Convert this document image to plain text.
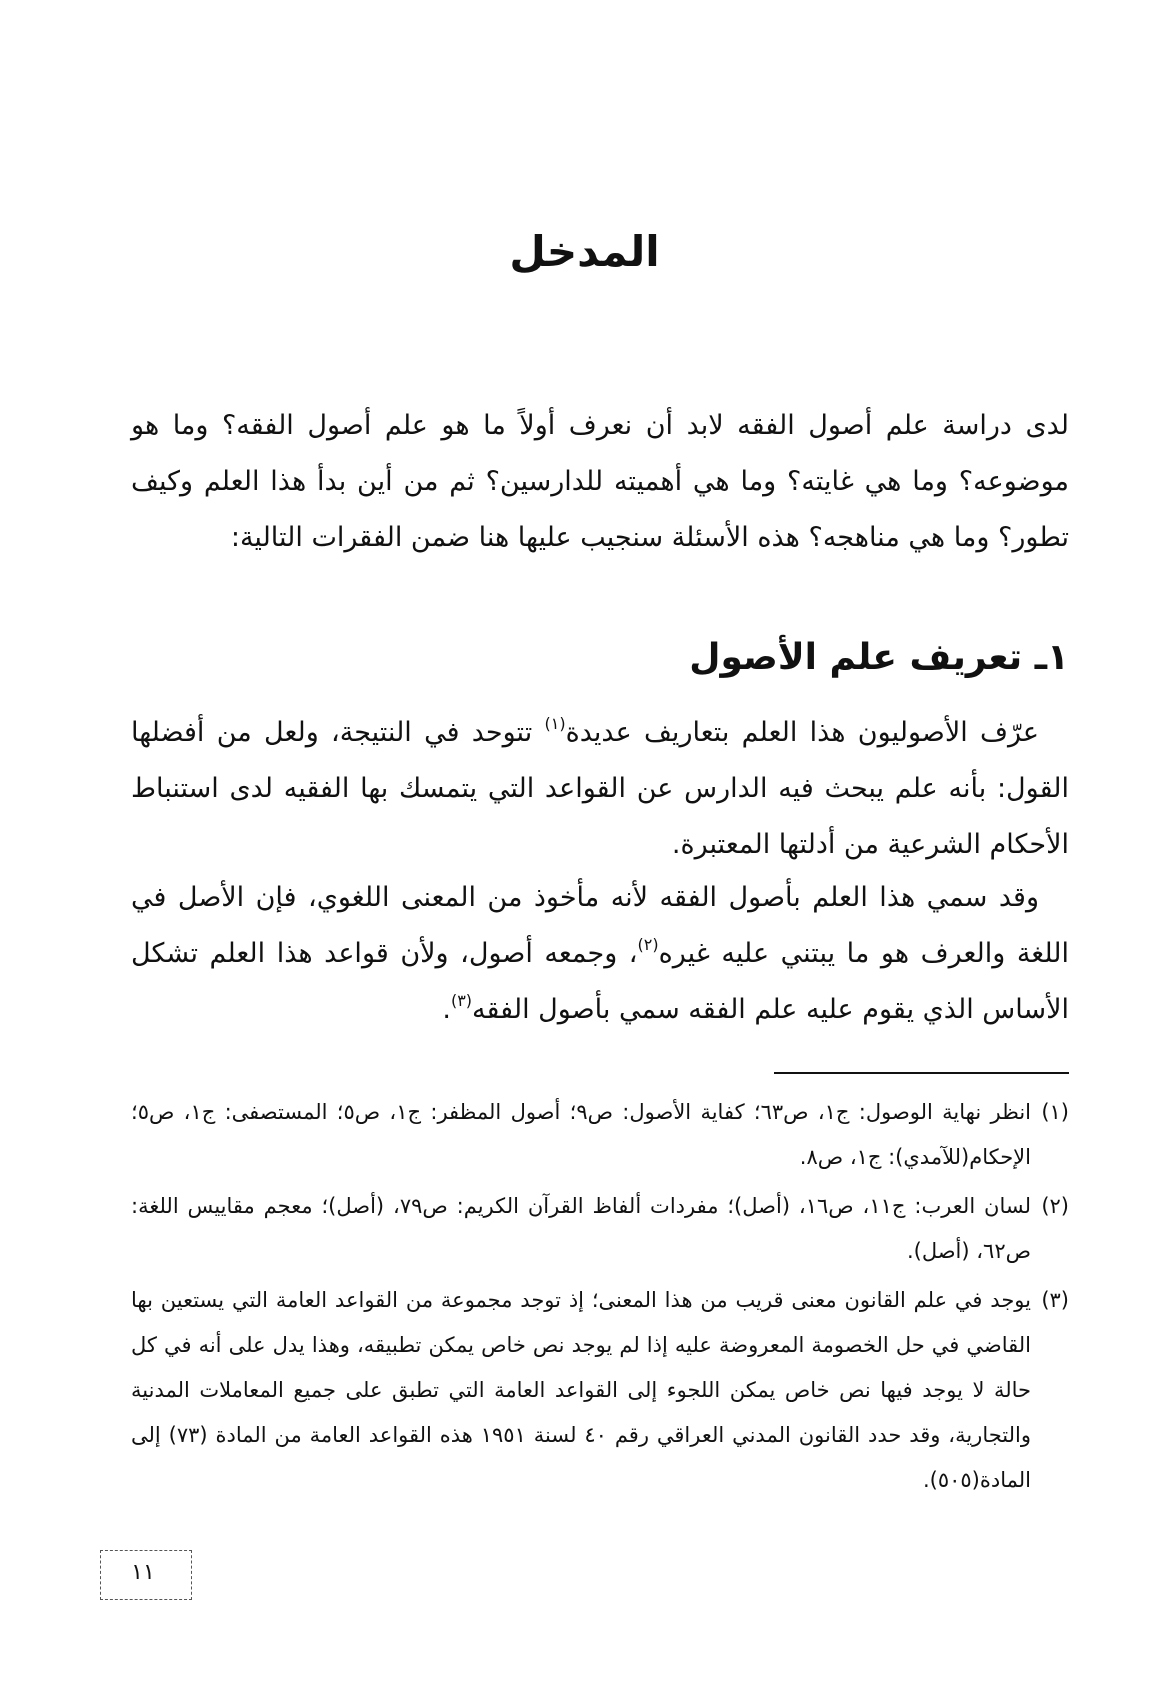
المدخل

لدى دراسة علم أصول الفقه لابد أن نعرف أولاً ما هو علم أصول الفقه؟ وما هو موضوعه؟ وما هي غايته؟ وما هي أهميته للدارسين؟ ثم من أين بدأ هذا العلم وكيف تطور؟ وما هي مناهجه؟ هذه الأسئلة سنجيب عليها هنا ضمن الفقرات التالية:

١ـ تعريف علم الأصول

عرّف الأصوليون هذا العلم بتعاريف عديدة$^{(١)}$ تتوحد في النتيجة، ولعل من أفضلها القول: بأنه علم يبحث فيه الدارس عن القواعد التي يتمسك بها الفقيه لدى استنباط الأحكام الشرعية من أدلتها المعتبرة.

وقد سمي هذا العلم بأصول الفقه لأنه مأخوذ من المعنى اللغوي، فإن الأصل في اللغة والعرف هو ما يبتني عليه غيره$^{(٢)}$، وجمعه أصول، ولأن قواعد هذا العلم تشكل الأساس الذي يقوم عليه علم الفقه سمي بأصول الفقه$^{(٣)}$.

(١)
انظر نهاية الوصول: ج١، ص٦٣؛ كفاية الأصول: ص٩؛ أصول المظفر: ج١، ص٥؛ المستصفى: ج١، ص٥؛ الإحكام(للآمدي): ج١، ص٨.
(٢)
لسان العرب: ج١١، ص١٦، (أصل)؛ مفردات ألفاظ القرآن الكريم: ص٧٩، (أصل)؛ معجم مقاييس اللغة: ص٦٢، (أصل).
(٣)
يوجد في علم القانون معنى قريب من هذا المعنى؛ إذ توجد مجموعة من القواعد العامة التي يستعين بها القاضي في حل الخصومة المعروضة عليه إذا لم يوجد نص خاص يمكن تطبيقه، وهذا يدل على أنه في كل حالة لا يوجد فيها نص خاص يمكن اللجوء إلى القواعد العامة التي تطبق على جميع المعاملات المدنية والتجارية، وقد حدد القانون المدني العراقي رقم ٤٠ لسنة ١٩٥١ هذه القواعد العامة من المادة (٧٣) إلى المادة(٥٠٥).
١١
